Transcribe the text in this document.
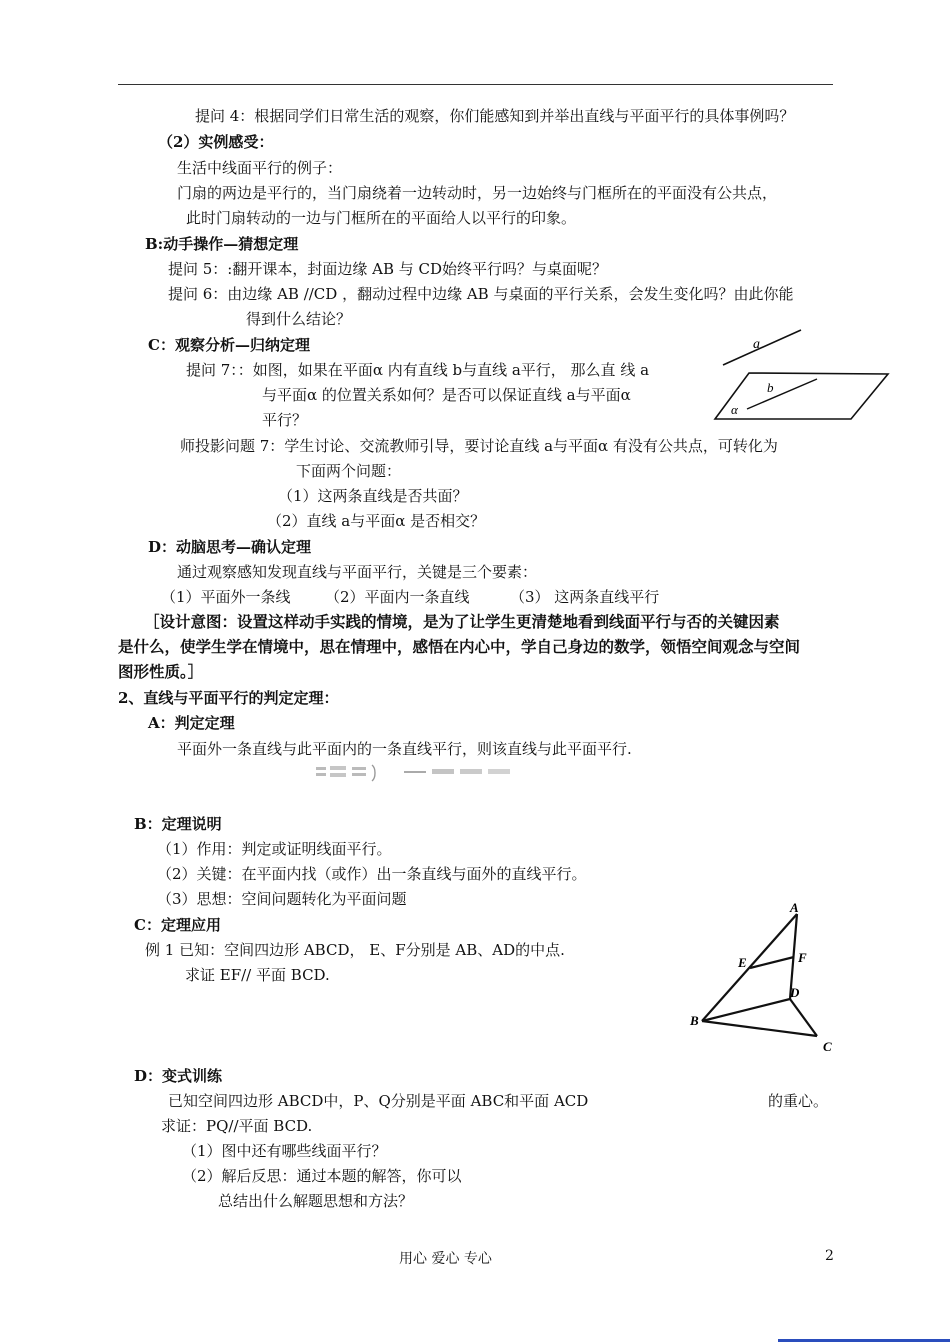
提问 4：根据同学们日常生活的观察，你们能感知到并举出直线与平面平行的具体事例吗？
（2）实例感受：
生活中线面平行的例子：
门扇的两边是平行的，当门扇绕着一边转动时，另一边始终与门框所在的平面没有公共点，
此时门扇转动的一边与门框所在的平面给人以平行的印象。
B:动手操作—猜想定理
提问 5：:翻开课本，封面边缘 AB 与 CD始终平行吗？与桌面呢？
提问 6：由边缘 AB //CD ，翻动过程中边缘 AB 与桌面的平行关系，会发生变化吗？由此你能
得到什么结论？
C：观察分析—归纳定理
提问 7：：如图，如果在平面α 内有直线 b与直线 a平行， 那么直 线 a
与平面α 的位置关系如何？是否可以保证直线 a与平面α
平行？
a
b
α
师投影问题 7：学生讨论、交流教师引导，要讨论直线 a与平面α 有没有公共点，可转化为
下面两个问题：
（1）这两条直线是否共面？
（2）直线 a与平面α 是否相交？
D：动脑思考—确认定理
通过观察感知发现直线与平面平行，关键是三个要素：
（1）平面外一条线 （2）平面内一条直线	（3） 这两条直线平行
［设计意图：设置这样动手实践的情境，是为了让学生更清楚地看到线面平行与否的关键因素
是什么，使学生学在情境中，思在情理中，感悟在内心中，学自己身边的数学，领悟空间观念与空间
图形性质。］
2、直线与平面平行的判定定理：
A：判定定理
平面外一条直线与此平面内的一条直线平行，则该直线与此平面平行.
B：定理说明
（1）作用：判定或证明线面平行。
（2）关键：在平面内找（或作）出一条直线与面外的直线平行。
（3）思想：空间问题转化为平面问题
C：定理应用
例 1 已知：空间四边形 ABCD， E、F分别是 AB、AD的中点.
求证 EF// 平面 BCD.
A
E	F
D
B
C
D：变式训练
已知空间四边形 ABCD中，P、Q分别是平面 ABC和平面 ACD	的重心。
求证：PQ//平面 BCD.
（1）图中还有哪些线面平行？
（2）解后反思：通过本题的解答，你可以
总结出什么解题思想和方法？
用心 爱心 专心	2
